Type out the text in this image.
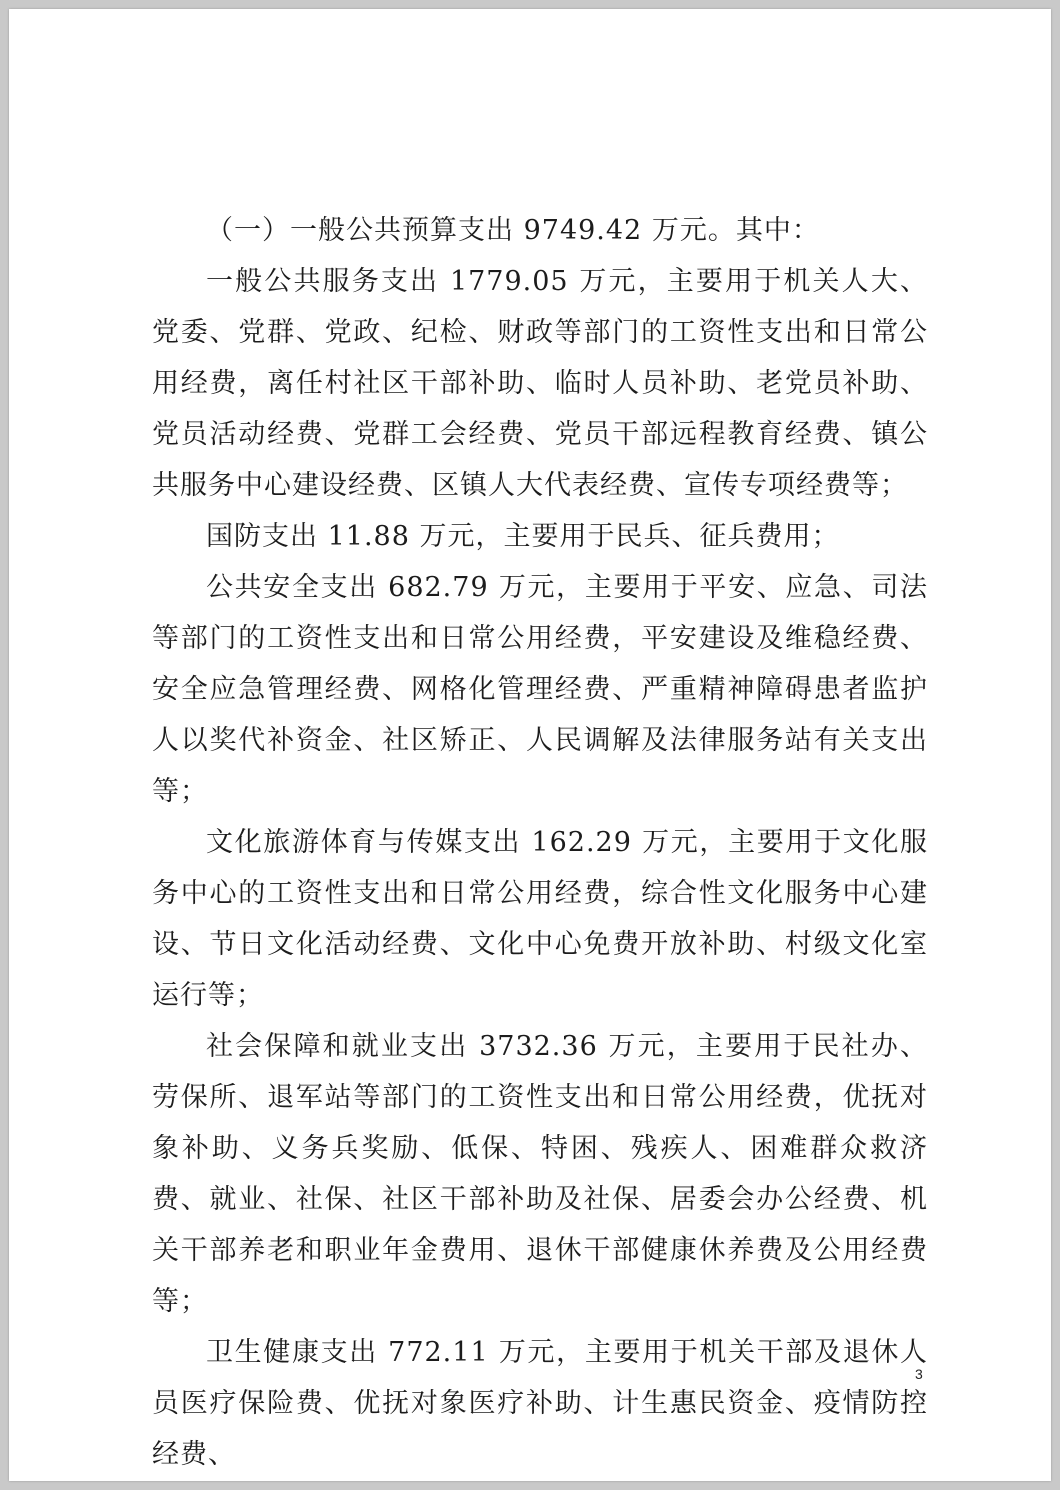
（一）一般公共预算支出 9749.42 万元。其中：

一般公共服务支出 1779.05 万元，主要用于机关人大、党委、党群、党政、纪检、财政等部门的工资性支出和日常公用经费，离任村社区干部补助、临时人员补助、老党员补助、党员活动经费、党群工会经费、党员干部远程教育经费、镇公共服务中心建设经费、区镇人大代表经费、宣传专项经费等；

国防支出 11.88 万元，主要用于民兵、征兵费用；

公共安全支出 682.79 万元，主要用于平安、应急、司法等部门的工资性支出和日常公用经费，平安建设及维稳经费、安全应急管理经费、网格化管理经费、严重精神障碍患者监护人以奖代补资金、社区矫正、人民调解及法律服务站有关支出等；

文化旅游体育与传媒支出 162.29 万元，主要用于文化服务中心的工资性支出和日常公用经费，综合性文化服务中心建设、节日文化活动经费、文化中心免费开放补助、村级文化室运行等；

社会保障和就业支出 3732.36 万元，主要用于民社办、劳保所、退军站等部门的工资性支出和日常公用经费，优抚对象补助、义务兵奖励、低保、特困、残疾人、困难群众救济费、就业、社保、社区干部补助及社保、居委会办公经费、机关干部养老和职业年金费用、退休干部健康休养费及公用经费等；

卫生健康支出 772.11 万元，主要用于机关干部及退休人员医疗保险费、优抚对象医疗补助、计生惠民资金、疫情防控经费、

3
